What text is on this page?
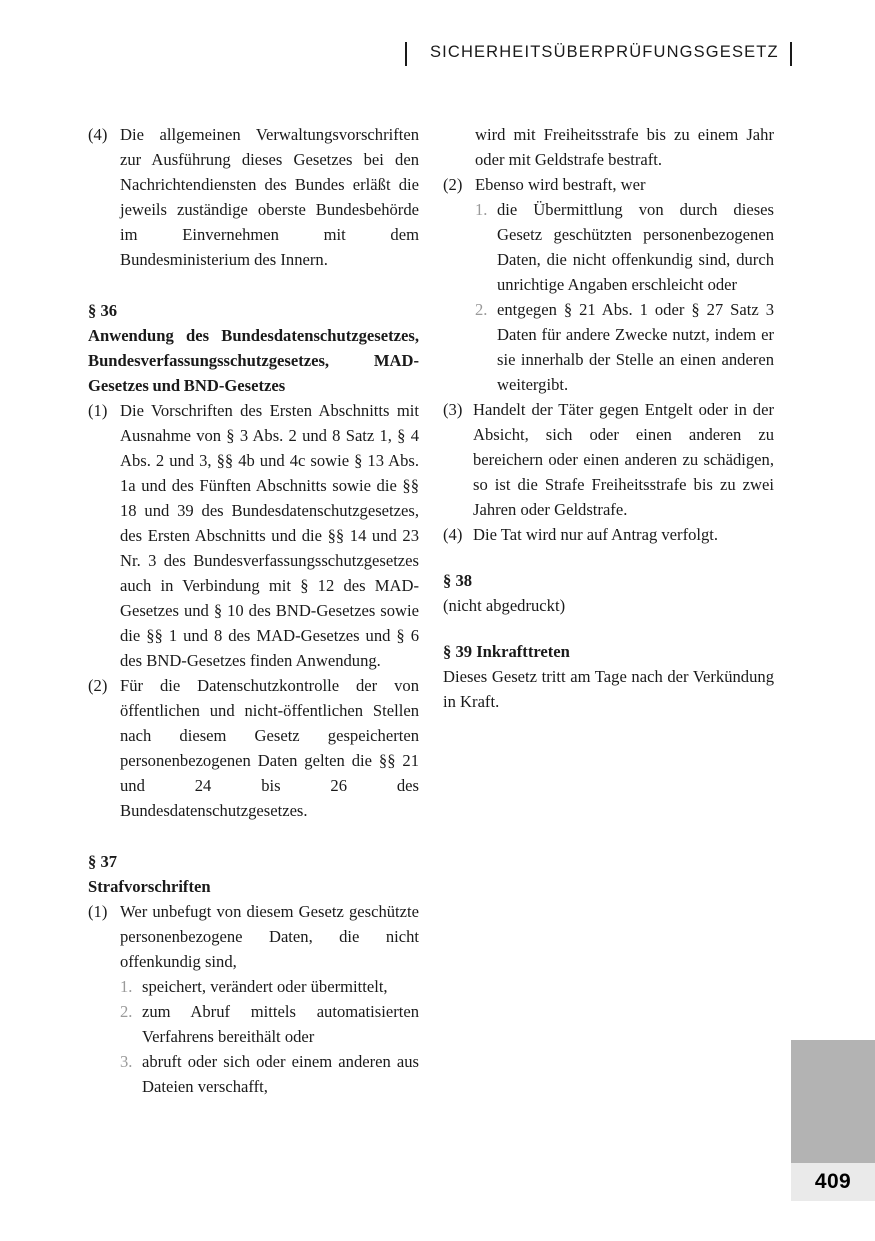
SICHERHEITSÜBERPRÜFUNGSGESETZ
(4) Die allgemeinen Verwaltungsvorschriften zur Ausführung dieses Gesetzes bei den Nachrichtendiensten des Bundes erläßt die jeweils zuständige oberste Bundesbehörde im Einvernehmen mit dem Bundesministerium des Innern.
§ 36
Anwendung des Bundesdatenschutzgesetzes, Bundesverfassungsschutzgesetzes, MAD-Gesetzes und BND-Gesetzes
(1) Die Vorschriften des Ersten Abschnitts mit Ausnahme von § 3 Abs. 2 und 8 Satz 1, § 4 Abs. 2 und 3, §§ 4b und 4c sowie § 13 Abs. 1a und des Fünften Abschnitts sowie die §§ 18 und 39 des Bundesdatenschutzgesetzes, des Ersten Abschnitts und die §§ 14 und 23 Nr. 3 des Bundesverfassungsschutzgesetzes auch in Verbindung mit § 12 des MAD-Gesetzes und § 10 des BND-Gesetzes sowie die §§ 1 und 8 des MAD-Gesetzes und § 6 des BND-Gesetzes finden Anwendung.
(2) Für die Datenschutzkontrolle der von öffentlichen und nicht-öffentlichen Stellen nach diesem Gesetz gespeicherten personenbezogenen Daten gelten die §§ 21 und 24 bis 26 des Bundesdatenschutzgesetzes.
§ 37
Strafvorschriften
(1) Wer unbefugt von diesem Gesetz geschützte personenbezogene Daten, die nicht offenkundig sind,
1. speichert, verändert oder übermittelt,
2. zum Abruf mittels automatisierten Verfahrens bereithält oder
3. abruft oder sich oder einem anderen aus Dateien verschafft,
wird mit Freiheitsstrafe bis zu einem Jahr oder mit Geldstrafe bestraft.
(2) Ebenso wird bestraft, wer
1. die Übermittlung von durch dieses Gesetz geschützten personenbezogenen Daten, die nicht offenkundig sind, durch unrichtige Angaben erschleicht oder
2. entgegen § 21 Abs. 1 oder § 27 Satz 3 Daten für andere Zwecke nutzt, indem er sie innerhalb der Stelle an einen anderen weitergibt.
(3) Handelt der Täter gegen Entgelt oder in der Absicht, sich oder einen anderen zu bereichern oder einen anderen zu schädigen, so ist die Strafe Freiheitsstrafe bis zu zwei Jahren oder Geldstrafe.
(4) Die Tat wird nur auf Antrag verfolgt.
§ 38
(nicht abgedruckt)
§ 39 Inkrafttreten
Dieses Gesetz tritt am Tage nach der Verkündung in Kraft.
409
